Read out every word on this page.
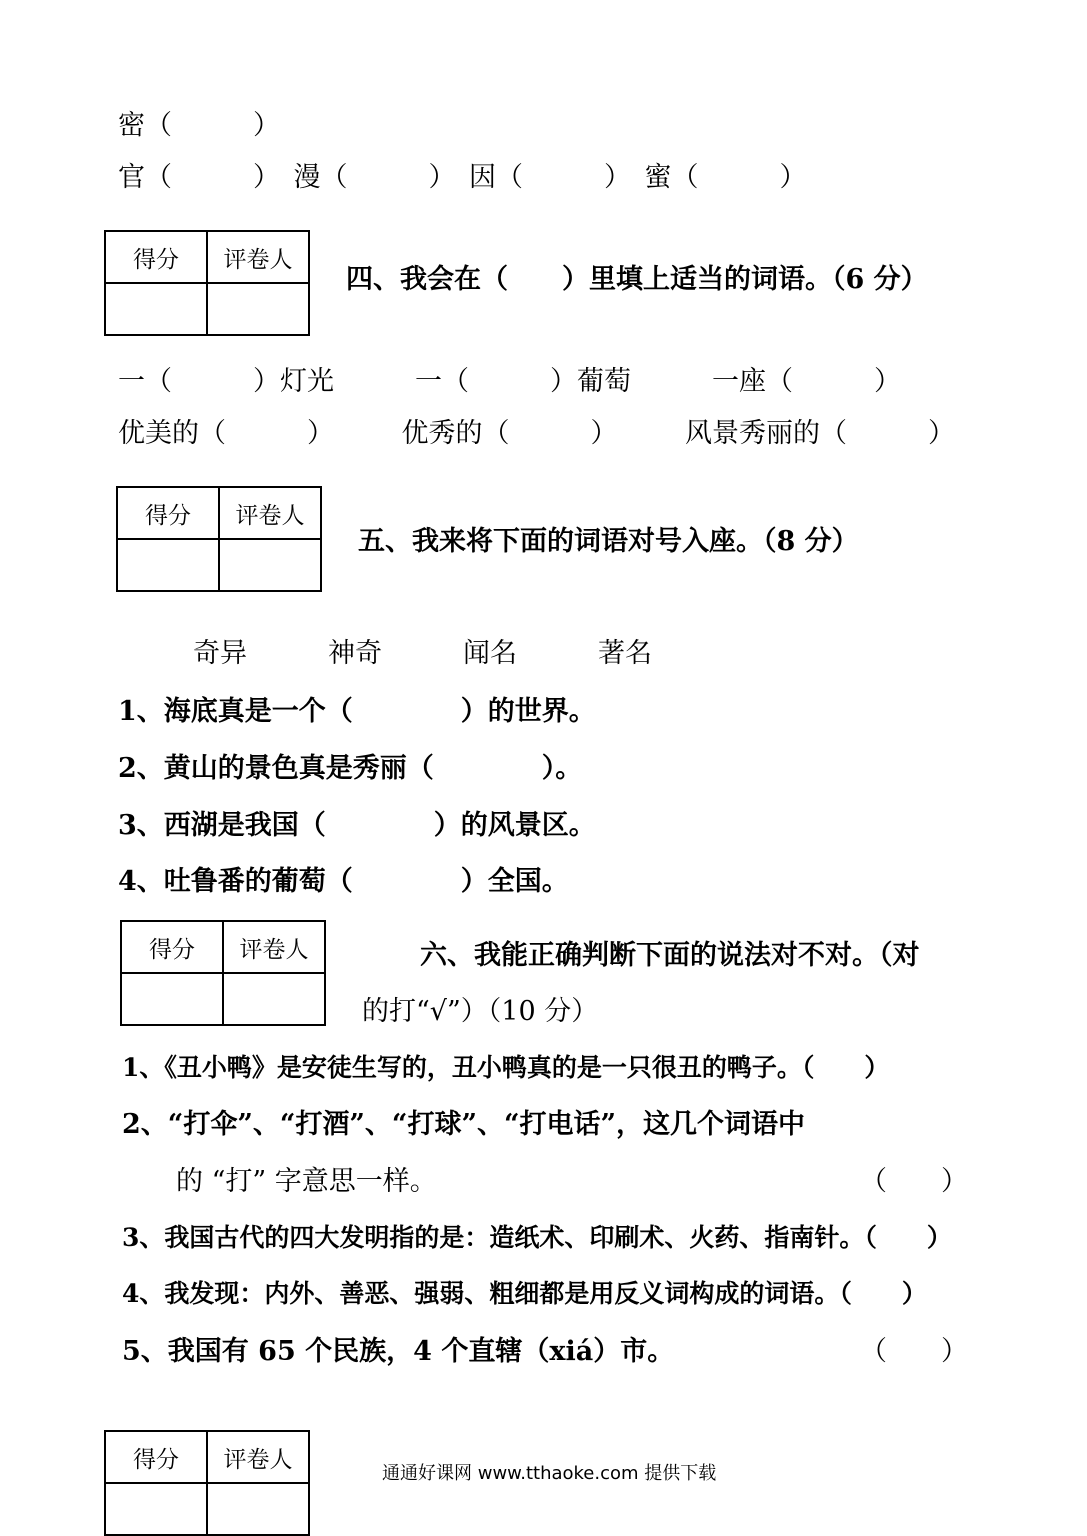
密（　　　）
官（　　　）　漫（　　　）　因（　　　）　蜜（　　　）
得分	评卷人

四、我会在（　　）里填上适当的词语。（6 分）
一（　　　）灯光　　　一（　　　）葡萄　　　一座（　　　）
优美的（　　　）　　　优秀的（　　　）　　　风景秀丽的（　　　）
得分	评卷人

五、我来将下面的词语对号入座。（8 分）
奇异　　　神奇　　　闻名　　　著名
1、海底真是一个（　　　　）的世界。
2、黄山的景色真是秀丽（　　　　）。
3、西湖是我国（　　　　）的风景区。
4、吐鲁番的葡萄（　　　　）全国。
得分	评卷人
		六、我能正确判断下面的说法对不对。（对
的打“√”）（10 分）
1、《丑小鸭》是安徒生写的，丑小鸭真的是一只很丑的鸭子。（　　）
2、“打伞”、“打酒”、“打球”、“打电话”，这几个词语中
　　的 “打” 字意思一样。	（　　）
3、我国古代的四大发明指的是：造纸术、印刷术、火药、指南针。（　　）
4、我发现：内外、善恶、强弱、粗细都是用反义词构成的词语。（　　）
5、我国有 65 个民族，4 个直辖（xiá）市。	（　　）
得分	评卷人

通通好课网 www.tthaoke.com 提供下载
